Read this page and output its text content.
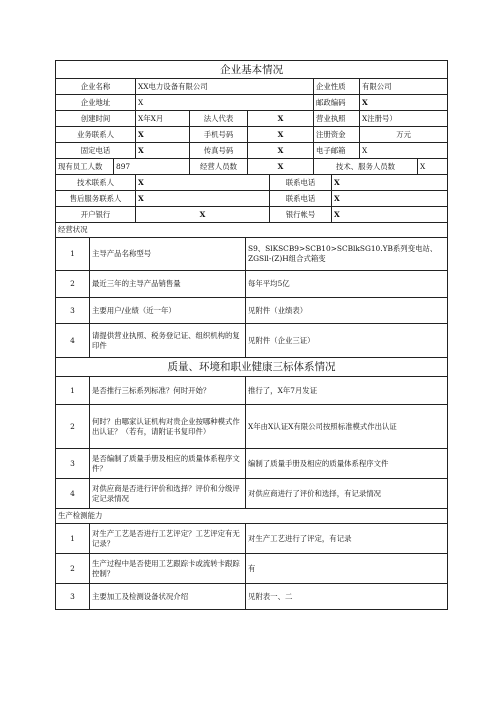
企业基本情况									
企业名称		XX电力设备有限公司				企业性质		有限公司	
企业地址		X				邮政编码		X	
创建时间		X年X月	法人代表	X		营业执照		X注册号）	
业务联系人		X	手机号码	X		注册资金		万元	
固定电话		X	传真号码	X		电子邮箱		X	
现有员工人数	897		经营人员数	X		技术、服务人员数			X
技术联系人		X			联系电话		X		
售后服务联系人		X			联系电话		X		
开户银行		X			银行帐号		X		
经营状况		
1	主导产品名称型号	S9、SlKSCB9>SCB10>SCBlkSG10.YB系列变电站、ZGSll-(Z)H组合式箱变
2	最近三年的主导产品销售量	每年平均5亿
3	主要用户/业绩（近一年）	见附件（业绩表）
4	请提供营业执照、税务登记证、组织机构的复印件	见附件（企业三证）
质量、环境和职业健康三标体系情况		
1	是否推行三标系列标准？何时开始？	推行了，X年7月发证
2	何时？由哪家认证机构对贵企业按哪种模式作出认证？（若有，请附证书复印件）	X年由X认证X有限公司按照标准模式作出认证
3	是否编制了质量手册及相应的质量体系程序文件？	编制了质量手册及相应的质量体系程序文件
4	对供应商是否进行评价和选择？评价和分级评定记录情况	对供应商进行了评价和选择，有记录情况
生产检测能力		
1	对生产工艺是否进行工艺评定？工艺评定有无记录？	对生产工艺进行了评定，有记录
2	生产过程中是否使用工艺跟踪卡或流转卡跟踪控制？	有
3	主要加工及检测设备状况介绍	见附表一、二
